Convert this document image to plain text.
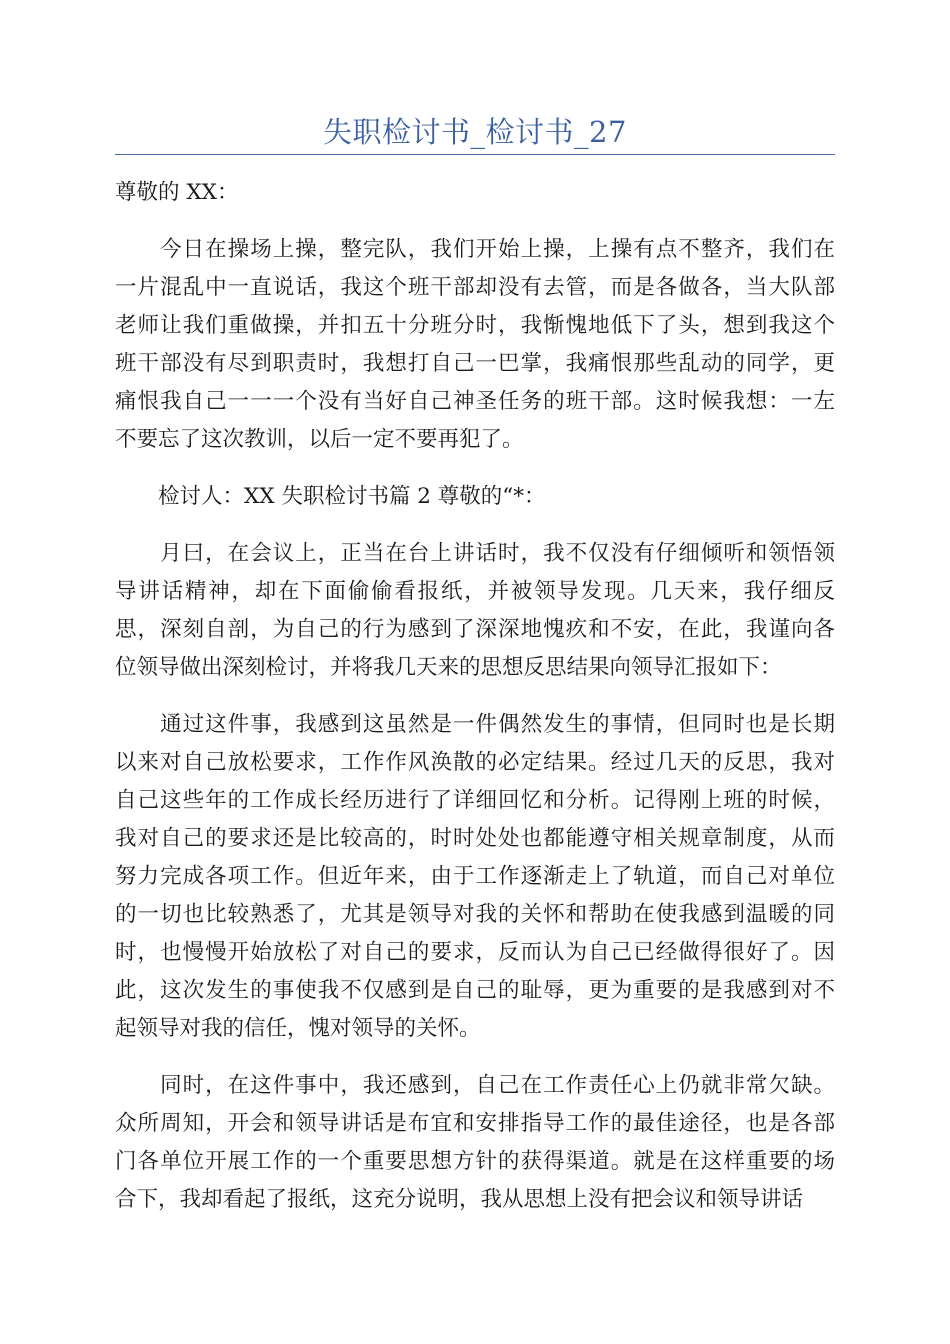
失职检讨书_检讨书_27

尊敬的 XX：

　　今日在操场上操，整完队，我们开始上操，上操有点不整齐，我们在
一片混乱中一直说话，我这个班干部却没有去管，而是各做各，当大队部
老师让我们重做操，并扣五十分班分时，我惭愧地低下了头，想到我这个
班干部没有尽到职责时，我想打自己一巴掌，我痛恨那些乱动的同学，更
痛恨我自己一一一个没有当好自己神圣任务的班干部。这时候我想：一左
不要忘了这次教训，以后一定不要再犯了。

　　检讨人：XX 失职检讨书篇 2 尊敬的“*：

　　月曰，在会议上，正当在台上讲话时，我不仅没有仔细倾听和领悟领
导讲话精神，却在下面偷偷看报纸，并被领导发现。几天来，我仔细反
思，深刻自剖，为自己的行为感到了深深地愧疚和不安，在此，我谨向各
位领导做出深刻检讨，并将我几天来的思想反思结果向领导汇报如下：

　　通过这件事，我感到这虽然是一件偶然发生的事情，但同时也是长期
以来对自己放松要求，工作作风涣散的必定结果。经过几天的反思，我对
自己这些年的工作成长经历进行了详细回忆和分析。记得刚上班的时候，
我对自己的要求还是比较高的，时时处处也都能遵守相关规章制度，从而
努力完成各项工作。但近年来，由于工作逐渐走上了轨道，而自己对单位
的一切也比较熟悉了，尤其是领导对我的关怀和帮助在使我感到温暖的同
时，也慢慢开始放松了对自己的要求，反而认为自己已经做得很好了。因
此，这次发生的事使我不仅感到是自己的耻辱，更为重要的是我感到对不
起领导对我的信任，愧对领导的关怀。

　　同时，在这件事中，我还感到，自己在工作责任心上仍就非常欠缺。
众所周知，开会和领导讲话是布宜和安排指导工作的最佳途径，也是各部
门各单位开展工作的一个重要思想方针的获得渠道。就是在这样重要的场
合下，我却看起了报纸，这充分说明，我从思想上没有把会议和领导讲话
